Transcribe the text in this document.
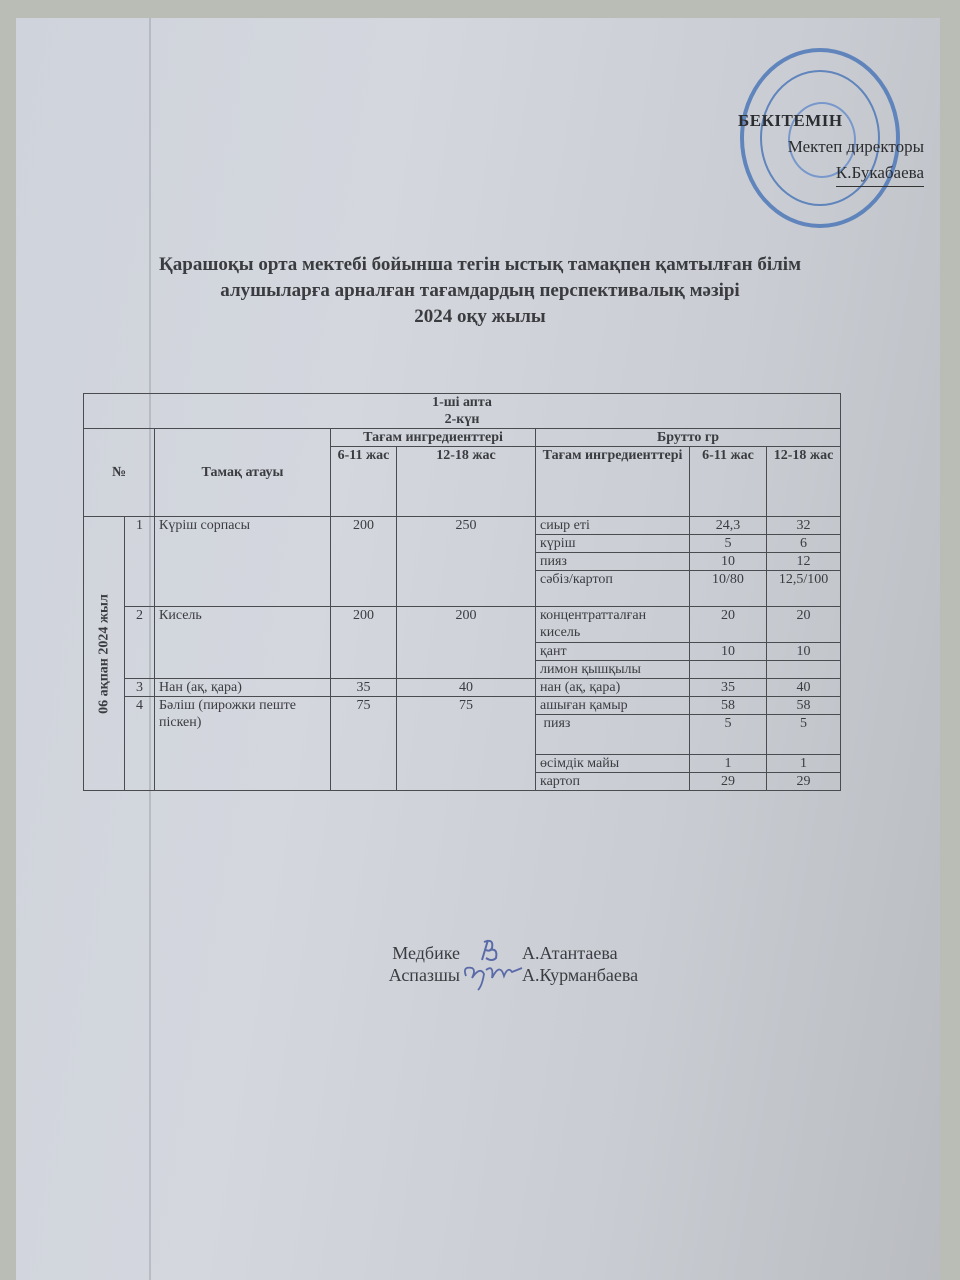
БЕКІТЕМІН
Мектеп директоры
К.Букабаева
Қарашоқы орта мектебі бойынша тегін ыстық тамақпен қамтылған білім
алушыларға арналған тағамдардың перспективалық мәзірі
2024 оқу жылы
1-ші апта
2-күн							

№		Тамақ атауы	Тағам ингредиенттері		Брутто гр		
			6-11 жас	12-18 жас	Тағам ингредиенттері	6-11 жас	12-18 жас

06 ақпан 2024 жыл	1	Күріш сорпасы	200	250	сиыр еті	24,3	32
					күріш	5	6
					пияз	10	12
					сәбіз/картоп	10/80	12,5/100
	2	Кисель	200	200	концентратталған кисель	20	20
					қант	10	10
					лимон қышқылы		
	3	Нан (ақ, қара)	35	40	нан (ақ, қара)	35	40
	4	Бәліш (пирожки пеште піскен)	75	75	ашыған қамыр	58	58
					пияз	5	5
					өсімдік майы	1	1
					картоп	29	29
Медбике	А.Атантаева
Аспазшы	А.Курманбаева
